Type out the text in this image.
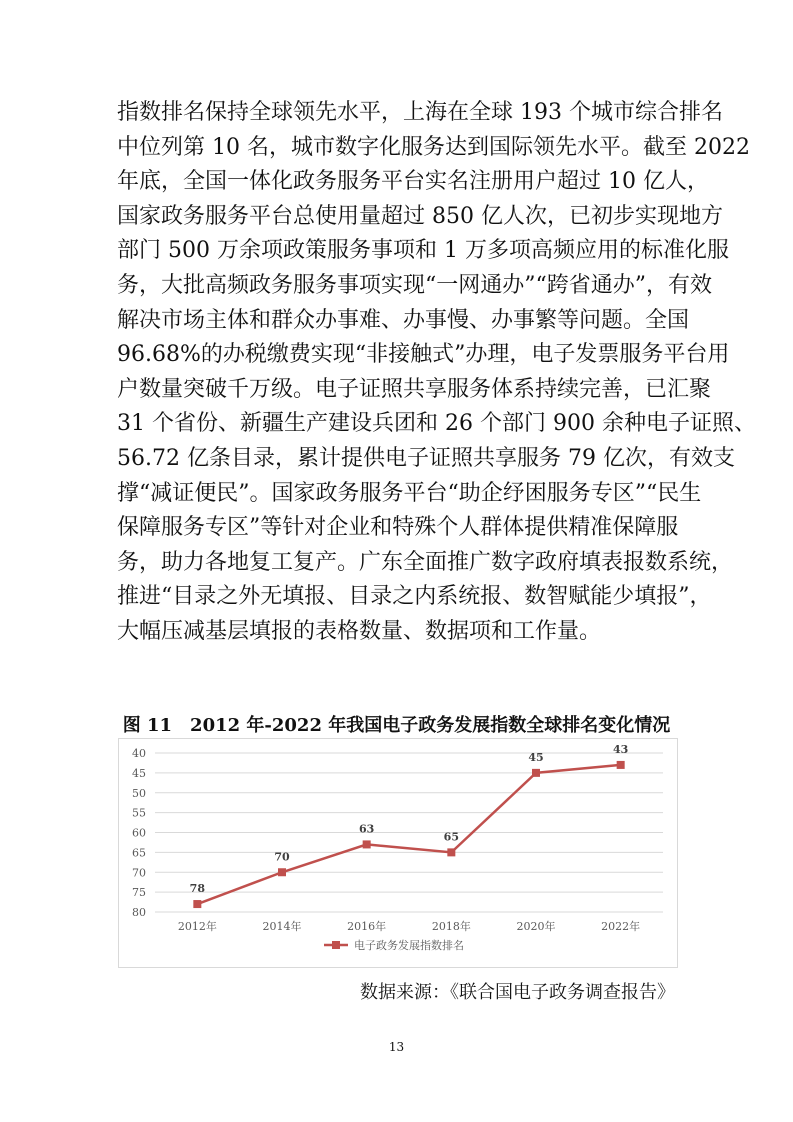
指数排名保持全球领先水平，上海在全球 193 个城市综合排名
中位列第 10 名，城市数字化服务达到国际领先水平。截至 2022
年底，全国一体化政务服务平台实名注册用户超过 10 亿人，
国家政务服务平台总使用量超过 850 亿人次，已初步实现地方
部门 500 万余项政策服务事项和 1 万多项高频应用的标准化服
务，大批高频政务服务事项实现“一网通办”“跨省通办”，有效
解决市场主体和群众办事难、办事慢、办事繁等问题。全国
96.68%的办税缴费实现“非接触式”办理，电子发票服务平台用
户数量突破千万级。电子证照共享服务体系持续完善，已汇聚
31 个省份、新疆生产建设兵团和 26 个部门 900 余种电子证照、
56.72 亿条目录，累计提供电子证照共享服务 79 亿次，有效支
撑“减证便民”。国家政务服务平台“助企纾困服务专区”“民生
保障服务专区”等针对企业和特殊个人群体提供精准保障服
务，助力各地复工复产。广东全面推广数字政府填表报数系统，
推进“目录之外无填报、目录之内系统报、数智赋能少填报”，
大幅压减基层填报的表格数量、数据项和工作量。
图 11　2012 年-2022 年我国电子政务发展指数全球排名变化情况
40
45
50
55
60
65
70
75
80
2012年	2014年	2016年	2018年	2020年	2022年
78
70
63
65
45
43
电子政务发展指数排名
数据来源：《联合国电子政务调查报告》
13
